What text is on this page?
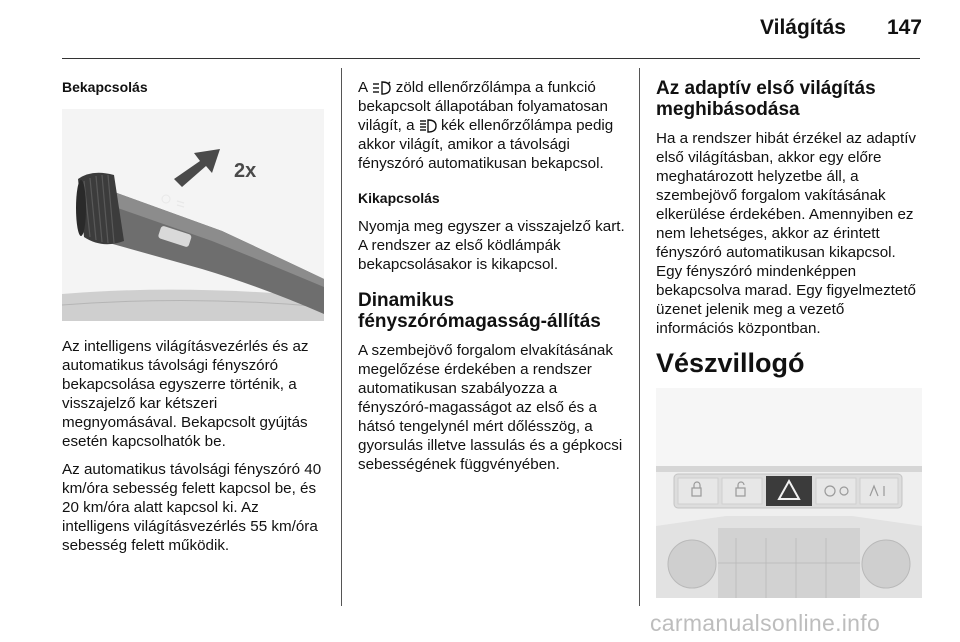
Világítás 147

Bekapcsolás

2x

Az intelligens világításvezérlés és az automatikus távolsági fényszóró bekapcsolása egyszerre történik, a visszajelző kar kétszeri megnyomásával. Bekapcsolt gyújtás esetén kapcsolhatók be.

Az automatikus távolsági fényszóró 40 km/óra sebesség felett kapcsol be, és 20 km/óra alatt kapcsol ki. Az intelligens világításvezérlés 55 km/óra sebesség felett működik.

A  zöld ellenőrzőlámpa a funkció bekapcsolt állapotában folyamatosan világít, a  kék ellenőrzőlámpa pedig akkor világít, amikor a távolsági fényszóró automatikusan bekapcsol.

Kikapcsolás

Nyomja meg egyszer a visszajelző kart. A rendszer az első ködlámpák bekapcsolásakor is kikapcsol.

Dinamikus fényszórómagasság-állítás

A szembejövő forgalom elvakításának megelőzése érdekében a rendszer automatikusan szabályozza a fényszóró-magasságot az első és a hátsó tengelynél mért dőlésszög, a gyorsulás illetve lassulás és a gépkocsi sebességének függvényében.

Az adaptív első világítás meghibásodása

Ha a rendszer hibát érzékel az adaptív első világításban, akkor egy előre meghatározott helyzetbe áll, a szembejövő forgalom vakításának elkerülése érdekében. Amennyiben ez nem lehetséges, akkor az érintett fényszóró automatikusan kikapcsol. Egy fényszóró mindenképpen bekapcsolva marad. Egy figyelmeztető üzenet jelenik meg a vezető információs központban.

Vészvillogó

carmanualsonline.info
